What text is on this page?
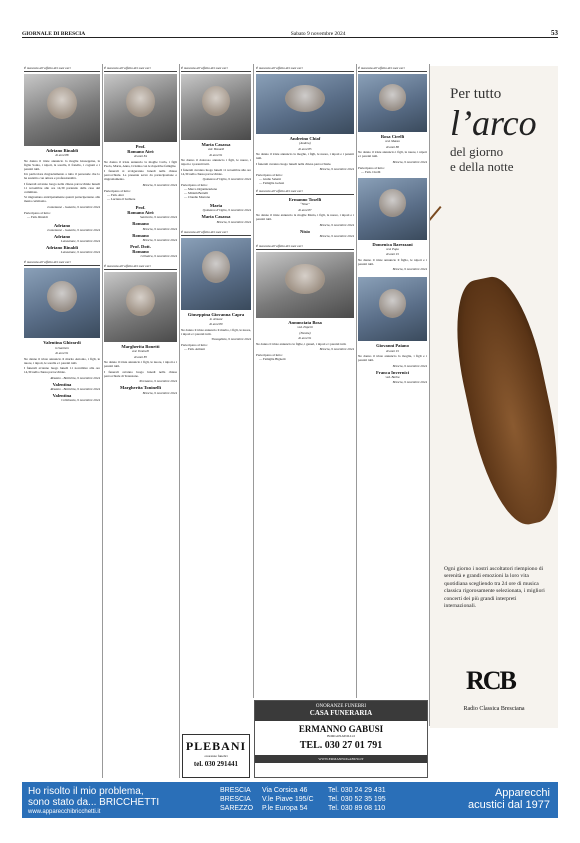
GIORNALE DI BRESCIA	Sabato 9 novembre 2024	53
È mancato all’affetto dei suoi cari
Adriano Rinaldi
di anni 88

Ne danno il triste annuncio la moglie Giuseppina, la figlia Sonia, i nipoti, la sorella, il fratello, i cognati e i parenti tutti.

Un particolare ringraziamento a tutto il personale che lo ha assistito con amore e professionalità.

I funerali avranno luogo nella chiesa parrocchiale lunedì 11 novembre alle ore 14,30 partendo dalla casa del commiato.

Si ringraziano anticipatamente quanti parteciperanno alla mesta cerimonia.

Lumezzane - Gazzolo, 9 novembre 2024
Partecipano al lutto:
— Fam. Rinaldi
Adriano
Lumezzane - Gazzolo, 9 novembre 2024
Adriano
Lumezzane, 9 novembre 2024
Adriano Rinaldi
Lumezzane, 9 novembre 2024
È mancata all’affetto dei suoi cari
Valentina Ghirardi
in Santiero
di anni 91

Ne danno il triste annuncio il marito Antonio, i figli, le nuore, i nipoti, le sorelle e i parenti tutti.

I funerali avranno luogo lunedì 11 novembre alle ore 14,30 nella chiesa parrocchiale.

Rezzato - Bottichia, 9 novembre 2024
Valentina
Rezzato - Bottichia, 9 novembre 2024
Valentina
Collebeato, 9 novembre 2024
È mancato all’affetto dei suoi cari
Prof.
Romano Airò
di anni 84

Ne danno il triste annuncio la moglie Carla, i figli Paolo, Maria, Anna, Cristina con le rispettive famiglie.

I funerali si svolgeranno lunedì nella chiesa parrocchiale. La presente serve da partecipazione e ringraziamento.

Brescia, 9 novembre 2024
Partecipano al lutto:
— Fam. Airò
— Luciano il barbiere
Prof.
Romano Airò
Santicolo, 9 novembre 2024
Romano
Brescia, 9 novembre 2024
Romano
Brescia, 9 novembre 2024
Prof. Dott.
Romano
Cellatica, 9 novembre 2024
È mancata all’affetto dei suoi cari
Margherita Bonetti
ved. Toninelli
di anni 85

Ne danno il triste annuncio i figli, le nuore, i nipoti e i parenti tutti.

I funerali avranno luogo lunedì nella chiesa parrocchiale di Terenzano.

Terenzano, 9 novembre 2024
Margherita Toninelli
Brescia, 9 novembre 2024
È mancata all’affetto dei suoi cari
Maria Casassa
ved. Bonardi
di anni 91

Ne danno il doloroso annuncio i figli, le nuore, i nipoti e i parenti tutti.

I funerali avranno luogo lunedì 11 novembre alle ore 14,30 nella chiesa parrocchiale.

Quinzano d’Oglio, 9 novembre 2024
Partecipano al lutto:
— Marco Organizzazione
— Miriam Bertelli
— Claudio Morrone
Maria
Quinzano d’Oglio, 9 novembre 2024
Maria Casassa
Brescia, 9 novembre 2024
È mancata all’affetto dei suoi cari
Giuseppina Giovanna Capra
in Armani
di anni 80

Ne danno il triste annuncio il marito, i figli, le nuore, i nipoti e i parenti tutti.

Travagliato, 9 novembre 2024
Partecipano al lutto:
— Fam. Armani
È mancato all’affetto dei suoi cari
Andreino Chiaf
(Andrea)
di anni 85

Ne danno il triste annuncio la moglie, i figli, le nuore, i nipoti e i parenti tutti.

I funerali avranno luogo lunedì nella chiesa parrocchiale.

Brescia, 9 novembre 2024
Partecipano al lutto:
— Giulio Salerni
— Famiglia Gobesi
È mancato all’affetto dei suoi cari
Ermanno Toselli
“Nino”
di anni 87

Ne danno il triste annuncio la moglie Maria, i figli, le nuore, i nipoti e i parenti tutti.

Brescia, 9 novembre 2024
Nisio
Brescia, 9 novembre 2024
È mancata all’affetto dei suoi cari
Annunciata Bosa
ved. Papetti
(Nunzia)
di anni 91

Ne danno il triste annuncio le figlie, i generi, i nipoti e i parenti tutti.

Brescia, 9 novembre 2024
Partecipano al lutto:
— Famiglia Bignotti
È mancata all’affetto dei suoi cari
Rosa Cirelli
ved. Manzo
di anni 86

Ne danno il triste annuncio i figli, le nuore, i nipoti e i parenti tutti.

Brescia, 9 novembre 2024
Partecipano al lutto:
— Fam. Cirelli
Domenica Barezzani
ved. Papa
di anni 91

Ne danno il triste annuncio il figlio, le nipoti e i parenti tutti.

Brescia, 9 novembre 2024
Giovanni Paiano
di anni 91

Ne danno il triste annuncio la moglie, i figli e i parenti tutti.

Brescia, 9 novembre 2024
Franca Invernici
ved. Barba
Brescia, 9 novembre 2024
Per tutto
l’arco
del giorno
e della notte
Ogni giorno i nostri ascoltatori riempiono di serenità e grandi emozioni la loro vita quotidiana scegliendo tra 24 ore di musica classica rigorosamente selezionata, i migliori concerti dei più grandi interpreti internazionali.
RCB
Radio Classica Bresciana
PLEBANI
onoranze funebri
tel. 030 291441
ONORANZE FUNEBRI
CASA FUNERARIA
ERMANNO GABUSI
BORGOSATOLLO
TEL. 030 27 01 791
WWW.ERMANNOGABUSI.IT
Ho risolto il mio problema,
sono stato da... BRICCHETTI
www.apparecchibricchetti.it
BRESCIA	Via Corsica 46	Tel. 030 24 29 431
BRESCIA	V.le Piave 195/C	Tel. 030 52 35 195
SAREZZO	P.le Europa 54	Tel. 030 89 08 110
Apparecchi
acustici dal 1977
